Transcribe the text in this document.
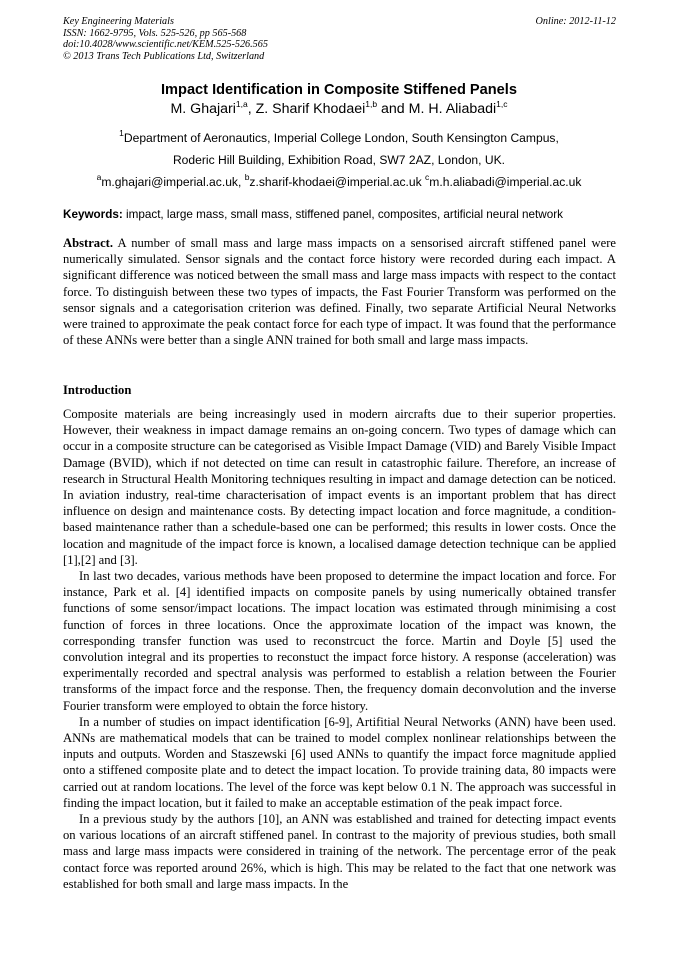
Key Engineering Materials
ISSN: 1662-9795, Vols. 525-526, pp 565-568
doi:10.4028/www.scientific.net/KEM.525-526.565
© 2013 Trans Tech Publications Ltd, Switzerland
Online: 2012-11-12
Impact Identification in Composite Stiffened Panels
M. Ghajari$^{1,a}$, Z. Sharif Khodaei$^{1,b}$ and M. H. Aliabadi$^{1,c}$
$^1$Department of Aeronautics, Imperial College London, South Kensington Campus,
Roderic Hill Building, Exhibition Road, SW7 2AZ, London, UK.
$^a$m.ghajari@imperial.ac.uk, $^b$z.sharif-khodaei@imperial.ac.uk $^c$m.h.aliabadi@imperial.ac.uk
Keywords: impact, large mass, small mass, stiffened panel, composites, artificial neural network
Abstract. A number of small mass and large mass impacts on a sensorised aircraft stiffened panel were numerically simulated. Sensor signals and the contact force history were recorded during each impact. A significant difference was noticed between the small mass and large mass impacts with respect to the contact force. To distinguish between these two types of impacts, the Fast Fourier Transform was performed on the sensor signals and a categorisation criterion was defined. Finally, two separate Artificial Neural Networks were trained to approximate the peak contact force for each type of impact. It was found that the performance of these ANNs were better than a single ANN trained for both small and large mass impacts.
Introduction

Composite materials are being increasingly used in modern aircrafts due to their superior properties. However, their weakness in impact damage remains an on-going concern. Two types of damage which can occur in a composite structure can be categorised as Visible Impact Damage (VID) and Barely Visible Impact Damage (BVID), which if not detected on time can result in catastrophic failure. Therefore, an increase of research in Structural Health Monitoring techniques resulting in impact and damage detection can be noticed. In aviation industry, real-time characterisation of impact events is an important problem that has direct influence on design and maintenance costs. By detecting impact location and force magnitude, a condition-based maintenance rather than a schedule-based one can be performed; this results in lower costs. Once the location and magnitude of the impact force is known, a localised damage detection technique can be applied [1],[2] and [3].

In last two decades, various methods have been proposed to determine the impact location and force. For instance, Park et al. [4] identified impacts on composite panels by using numerically obtained transfer functions of some sensor/impact locations. The impact location was estimated through minimising a cost function of forces in three locations. Once the approximate location of the impact was known, the corresponding transfer function was used to reconstrcuct the force. Martin and Doyle [5] used the convolution integral and its properties to reconstuct the impact force history. A response (acceleration) was experimentally recorded and spectral analysis was performed to establish a relation between the Fourier transforms of the impact force and the response. Then, the frequency domain deconvolution and the inverse Fourier transform were employed to obtain the force history.

In a number of studies on impact identification [6-9], Artifitial Neural Networks (ANN) have been used. ANNs are mathematical models that can be trained to model complex nonlinear relationships between the inputs and outputs. Worden and Staszewski [6] used ANNs to quantify the impact force magnitude applied onto a stiffened composite plate and to detect the impact location. To provide training data, 80 impacts were carried out at random locations. The level of the force was kept below 0.1 N. The approach was successful in finding the impact location, but it failed to make an acceptable estimation of the peak impact force.

In a previous study by the authors [10], an ANN was established and trained for detecting impact events on various locations of an aircraft stiffened panel. In contrast to the majority of previous studies, both small mass and large mass impacts were considered in training of the network. The percentage error of the peak contact force was reported around 26%, which is high. This may be related to the fact that one network was established for both small and large mass impacts. In the
